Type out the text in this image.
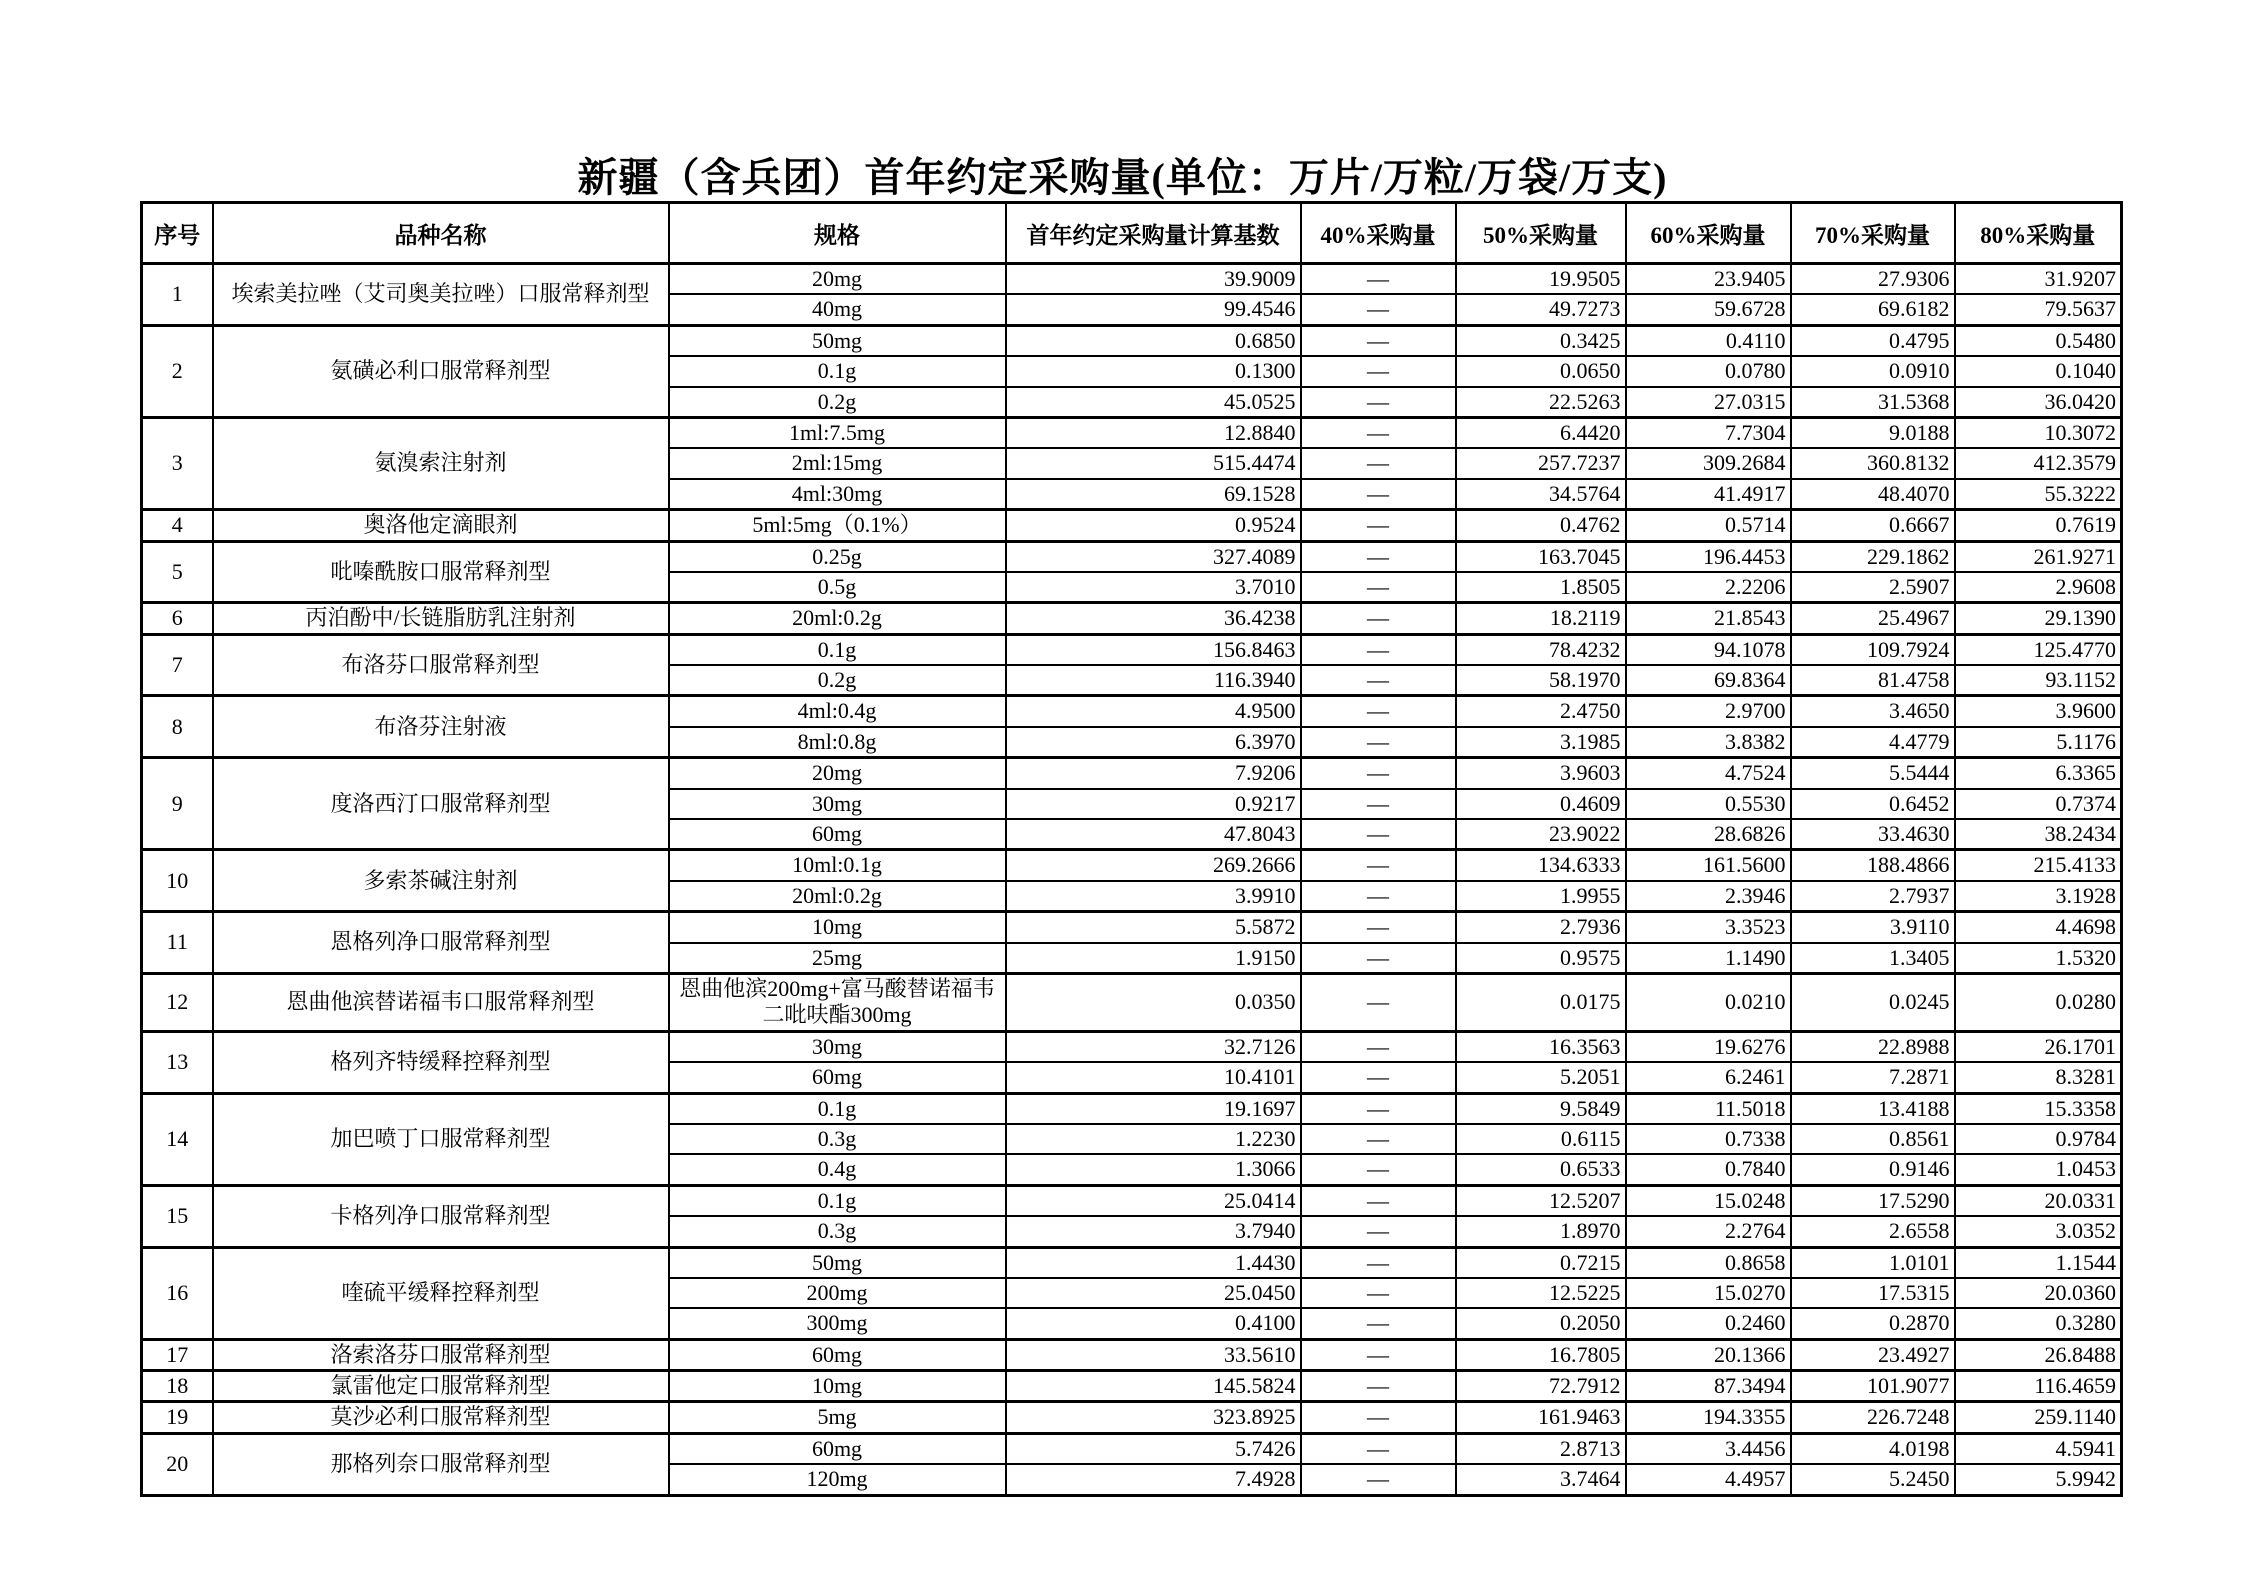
新疆（含兵团）首年约定采购量(单位：万片/万粒/万袋/万支)
序号	品种名称	规格	首年约定采购量计算基数	40%采购量	50%采购量	60%采购量	70%采购量	80%采购量
1	埃索美拉唑（艾司奥美拉唑）口服常释剂型	20mg	39.9009	—	19.9505	23.9405	27.9306	31.9207
		40mg	99.4546	—	49.7273	59.6728	69.6182	79.5637
2	氨磺必利口服常释剂型	50mg	0.6850	—	0.3425	0.4110	0.4795	0.5480
		0.1g	0.1300	—	0.0650	0.0780	0.0910	0.1040
		0.2g	45.0525	—	22.5263	27.0315	31.5368	36.0420
3	氨溴索注射剂	1ml:7.5mg	12.8840	—	6.4420	7.7304	9.0188	10.3072
		2ml:15mg	515.4474	—	257.7237	309.2684	360.8132	412.3579
		4ml:30mg	69.1528	—	34.5764	41.4917	48.4070	55.3222
4	奥洛他定滴眼剂	5ml:5mg（0.1%）	0.9524	—	0.4762	0.5714	0.6667	0.7619
5	吡嗪酰胺口服常释剂型	0.25g	327.4089	—	163.7045	196.4453	229.1862	261.9271
		0.5g	3.7010	—	1.8505	2.2206	2.5907	2.9608
6	丙泊酚中/长链脂肪乳注射剂	20ml:0.2g	36.4238	—	18.2119	21.8543	25.4967	29.1390
7	布洛芬口服常释剂型	0.1g	156.8463	—	78.4232	94.1078	109.7924	125.4770
		0.2g	116.3940	—	58.1970	69.8364	81.4758	93.1152
8	布洛芬注射液	4ml:0.4g	4.9500	—	2.4750	2.9700	3.4650	3.9600
		8ml:0.8g	6.3970	—	3.1985	3.8382	4.4779	5.1176
9	度洛西汀口服常释剂型	20mg	7.9206	—	3.9603	4.7524	5.5444	6.3365
		30mg	0.9217	—	0.4609	0.5530	0.6452	0.7374
		60mg	47.8043	—	23.9022	28.6826	33.4630	38.2434
10	多索茶碱注射剂	10ml:0.1g	269.2666	—	134.6333	161.5600	188.4866	215.4133
		20ml:0.2g	3.9910	—	1.9955	2.3946	2.7937	3.1928
11	恩格列净口服常释剂型	10mg	5.5872	—	2.7936	3.3523	3.9110	4.4698
		25mg	1.9150	—	0.9575	1.1490	1.3405	1.5320
12	恩曲他滨替诺福韦口服常释剂型	恩曲他滨200mg+富马酸替诺福韦二吡呋酯300mg	0.0350	—	0.0175	0.0210	0.0245	0.0280
13	格列齐特缓释控释剂型	30mg	32.7126	—	16.3563	19.6276	22.8988	26.1701
		60mg	10.4101	—	5.2051	6.2461	7.2871	8.3281
14	加巴喷丁口服常释剂型	0.1g	19.1697	—	9.5849	11.5018	13.4188	15.3358
		0.3g	1.2230	—	0.6115	0.7338	0.8561	0.9784
		0.4g	1.3066	—	0.6533	0.7840	0.9146	1.0453
15	卡格列净口服常释剂型	0.1g	25.0414	—	12.5207	15.0248	17.5290	20.0331
		0.3g	3.7940	—	1.8970	2.2764	2.6558	3.0352
16	喹硫平缓释控释剂型	50mg	1.4430	—	0.7215	0.8658	1.0101	1.1544
		200mg	25.0450	—	12.5225	15.0270	17.5315	20.0360
		300mg	0.4100	—	0.2050	0.2460	0.2870	0.3280
17	洛索洛芬口服常释剂型	60mg	33.5610	—	16.7805	20.1366	23.4927	26.8488
18	氯雷他定口服常释剂型	10mg	145.5824	—	72.7912	87.3494	101.9077	116.4659
19	莫沙必利口服常释剂型	5mg	323.8925	—	161.9463	194.3355	226.7248	259.1140
20	那格列奈口服常释剂型	60mg	5.7426	—	2.8713	3.4456	4.0198	4.5941
		120mg	7.4928	—	3.7464	4.4957	5.2450	5.9942
